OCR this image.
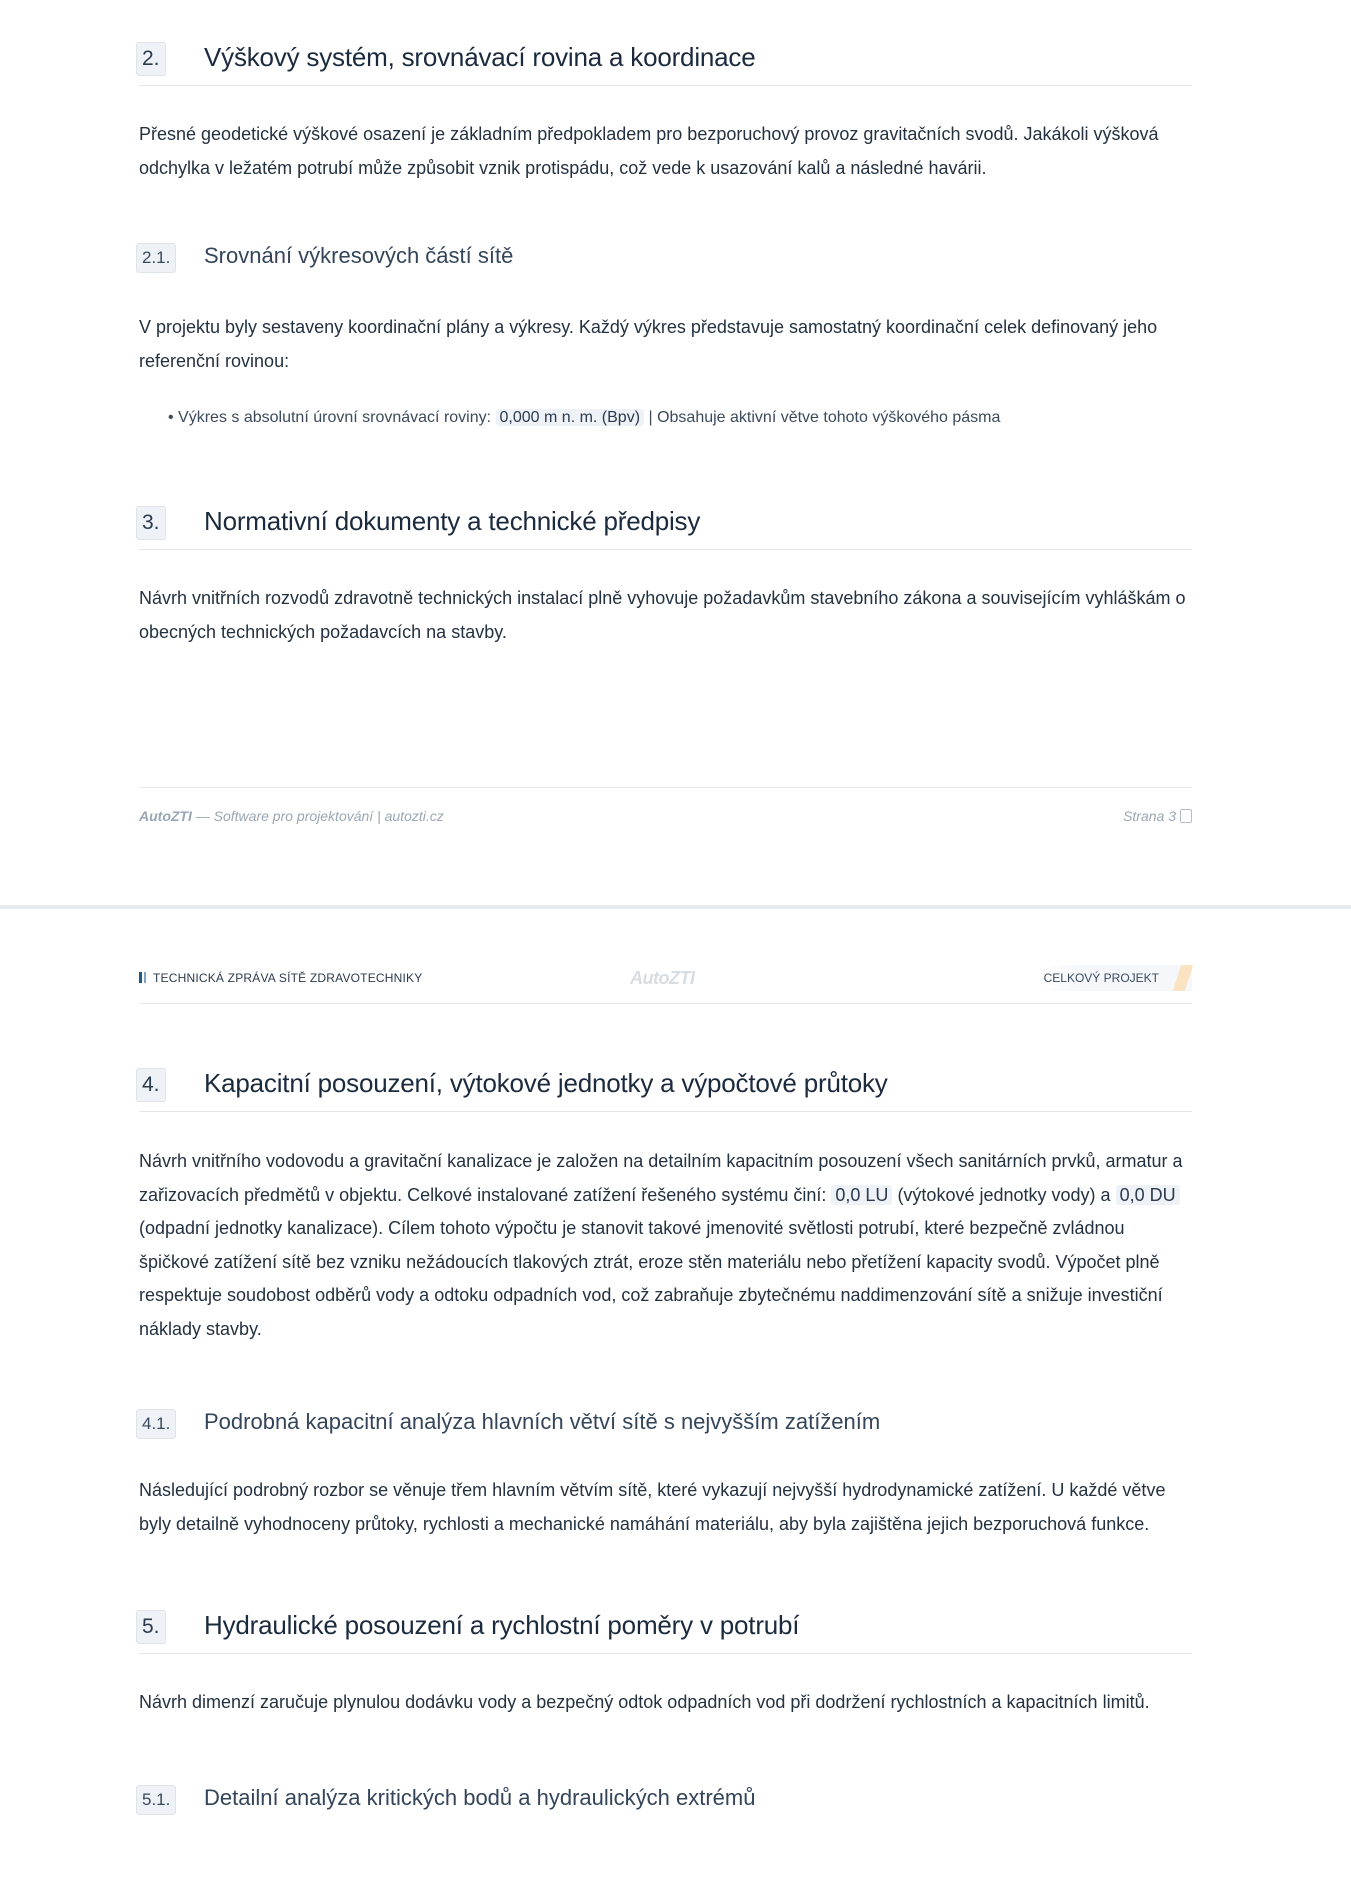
2. Výškový systém, srovnávací rovina a koordinace

Přesné geodetické výškové osazení je základním předpokladem pro bezporuchový provoz gravitačních svodů. Jakákoli výšková odchylka v ležatém potrubí může způsobit vznik protispádu, což vede k usazování kalů a následné havárii.

2.1. Srovnání výkresových částí sítě

V projektu byly sestaveny koordinační plány a výkresy. Každý výkres představuje samostatný koordinační celek definovaný jeho referenční rovinou:

• Výkres s absolutní úrovní srovnávací roviny: 0,000 m n. m. (Bpv) | Obsahuje aktivní větve tohoto výškového pásma
3. Normativní dokumenty a technické předpisy

Návrh vnitřních rozvodů zdravotně technických instalací plně vyhovuje požadavkům stavebního zákona a souvisejícím vyhláškám o obecných technických požadavcích na stavby.

AutoZTI — Software pro projektování | autozti.cz	Strana 3
TECHNICKÁ ZPRÁVA SÍTĚ ZDRAVOTECHNIKY	AutoZTI	CELKOVÝ PROJEKT
4. Kapacitní posouzení, výtokové jednotky a výpočtové průtoky

Návrh vnitřního vodovodu a gravitační kanalizace je založen na detailním kapacitním posouzení všech sanitárních prvků, armatur a zařizovacích předmětů v objektu. Celkové instalované zatížení řešeného systému činí: 0,0 LU (výtokové jednotky vody) a 0,0 DU (odpadní jednotky kanalizace). Cílem tohoto výpočtu je stanovit takové jmenovité světlosti potrubí, které bezpečně zvládnou špičkové zatížení sítě bez vzniku nežádoucích tlakových ztrát, eroze stěn materiálu nebo přetížení kapacity svodů. Výpočet plně respektuje soudobost odběrů vody a odtoku odpadních vod, což zabraňuje zbytečnému naddimenzování sítě a snižuje investiční náklady stavby.

4.1. Podrobná kapacitní analýza hlavních větví sítě s nejvyšším zatížením

Následující podrobný rozbor se věnuje třem hlavním větvím sítě, které vykazují nejvyšší hydrodynamické zatížení. U každé větve byly detailně vyhodnoceny průtoky, rychlosti a mechanické namáhání materiálu, aby byla zajištěna jejich bezporuchová funkce.

5. Hydraulické posouzení a rychlostní poměry v potrubí

Návrh dimenzí zaručuje plynulou dodávku vody a bezpečný odtok odpadních vod při dodržení rychlostních a kapacitních limitů.

5.1. Detailní analýza kritických bodů a hydraulických extrémů
